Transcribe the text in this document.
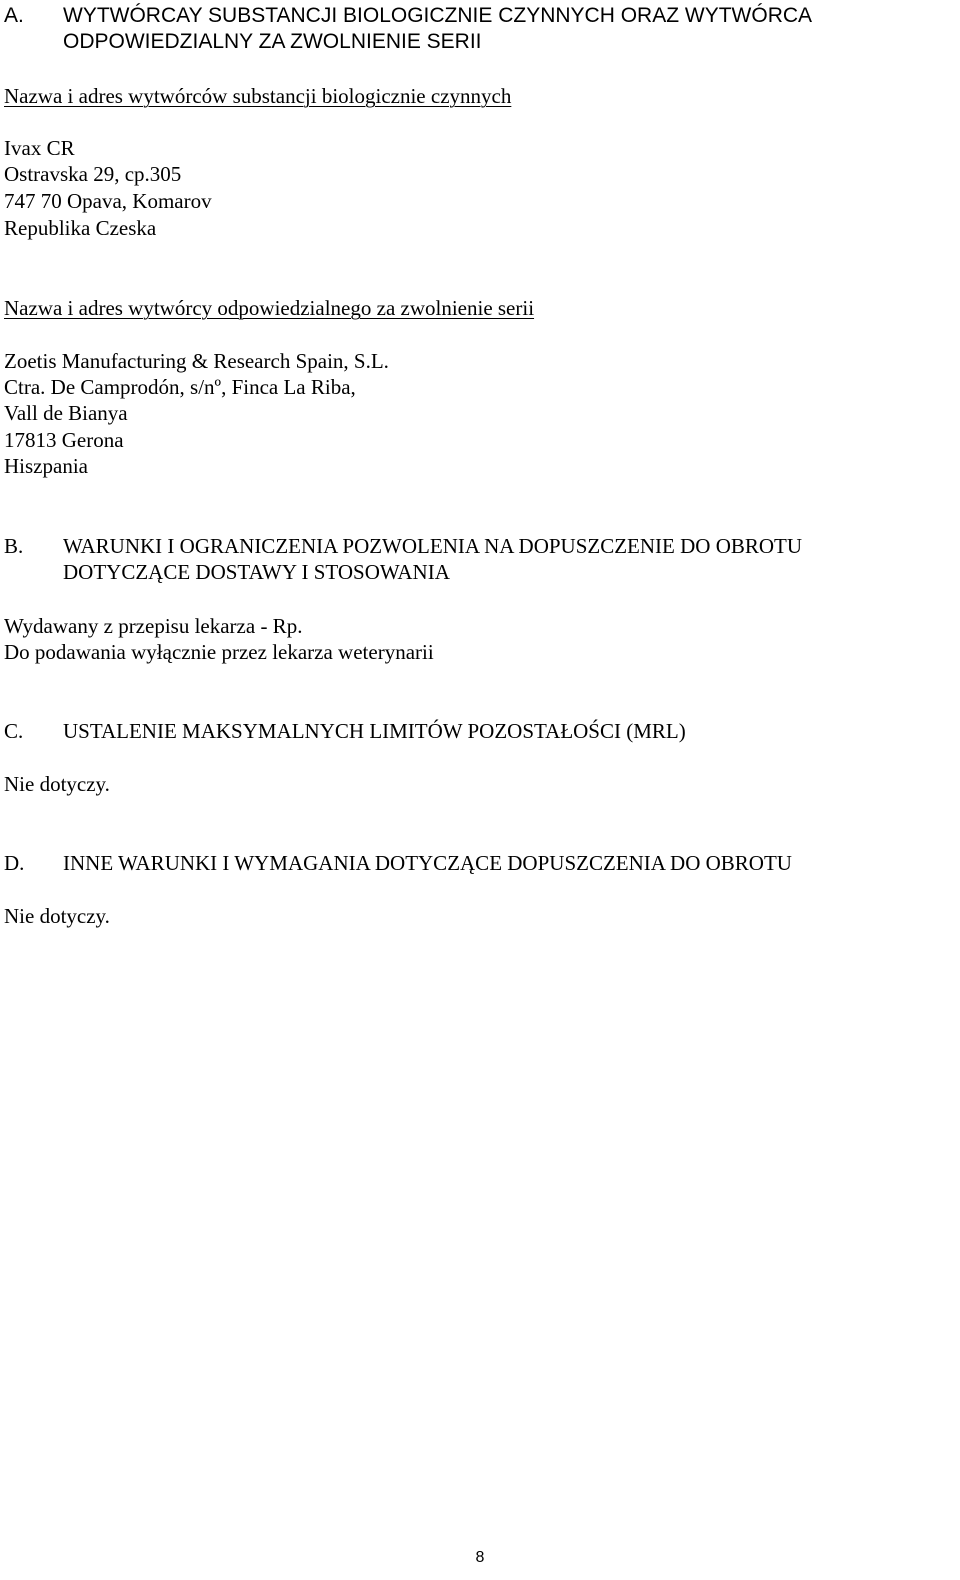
A. WYTWÓRCAY SUBSTANCJI BIOLOGICZNIE CZYNNYCH ORAZ WYTWÓRCA
ODPOWIEDZIALNY ZA ZWOLNIENIE SERII

Nazwa i adres wytwórców substancji biologicznie czynnych

Ivax CR

Ostravska 29, cp.305

747 70 Opava, Komarov

Republika Czeska

Nazwa i adres wytwórcy odpowiedzialnego za zwolnienie serii

Zoetis Manufacturing & Research Spain, S.L.

Ctra. De Camprodón, s/nº, Finca La Riba,

Vall de Bianya

17813 Gerona

Hiszpania

B. WARUNKI I OGRANICZENIA POZWOLENIA NA DOPUSZCZENIE DO OBROTU
DOTYCZĄCE DOSTAWY I STOSOWANIA

Wydawany z przepisu lekarza - Rp.

Do podawania wyłącznie przez lekarza weterynarii

C. USTALENIE MAKSYMALNYCH LIMITÓW POZOSTAŁOŚCI (MRL)

Nie dotyczy.

D. INNE WARUNKI I WYMAGANIA DOTYCZĄCE DOPUSZCZENIA DO OBROTU

Nie dotyczy.

8
